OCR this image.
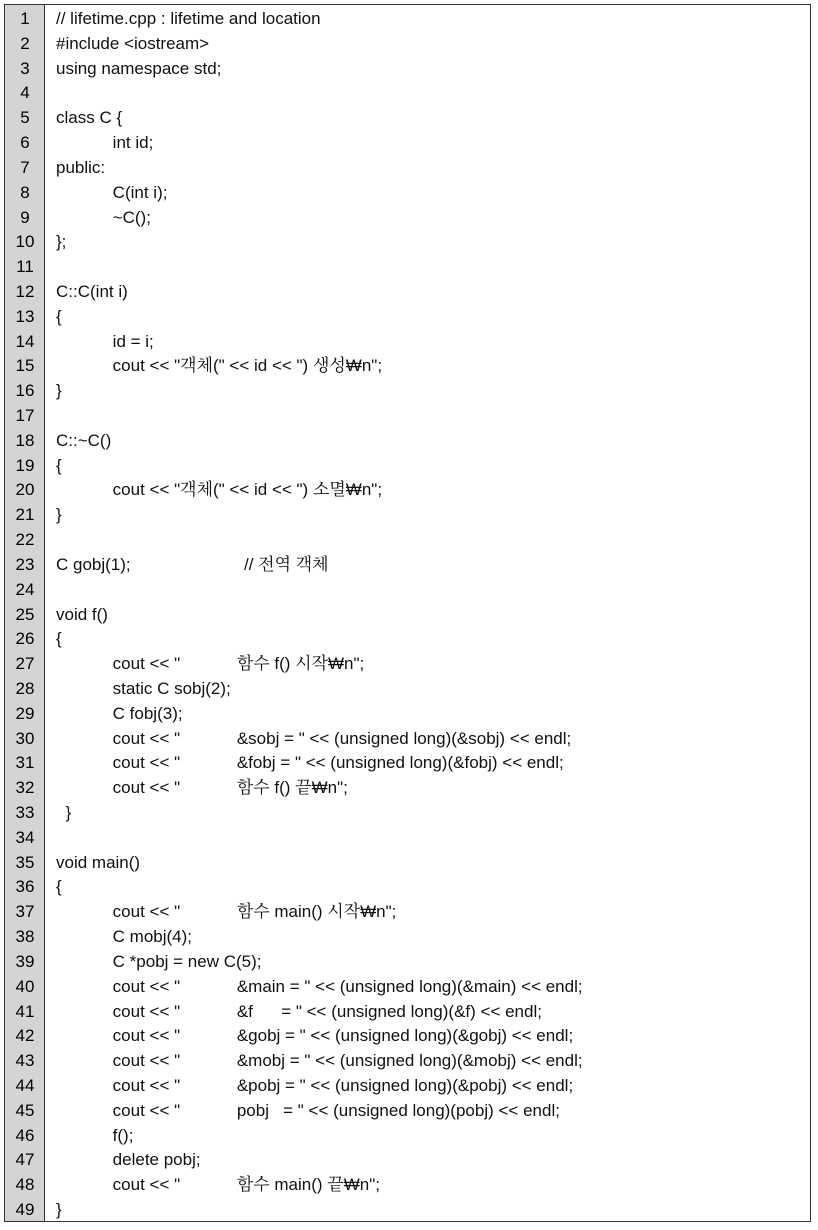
1	// lifetime.cpp : lifetime and location
2	#include <iostream>
3	using namespace std;
4
5	class C {
6	int id;
7	public:
8	C(int i);
9	~C();
10	};
11
12	C::C(int i)
13	{
14	id = i;
15	cout << "객체(" << id << ") 생성₩n";
16	}
17
18	C::~C()
19	{
20	cout << "객체(" << id << ") 소멸₩n";
21	}
22
23	C gobj(1);                        // 전역 객체
24
25	void f()
26	{
27	cout << "            함수 f() 시작₩n";
28	static C sobj(2);
29	C fobj(3);
30	cout << "            &sobj = " << (unsigned long)(&sobj) << endl;
31	cout << "            &fobj = " << (unsigned long)(&fobj) << endl;
32	cout << "            함수 f() 끝₩n";
33	}
34
35	void main()
36	{
37	cout << "            함수 main() 시작₩n";
38	C mobj(4);
39	C *pobj = new C(5);
40	cout << "            &main = " << (unsigned long)(&main) << endl;
41	cout << "            &f      = " << (unsigned long)(&f) << endl;
42	cout << "            &gobj = " << (unsigned long)(&gobj) << endl;
43	cout << "            &mobj = " << (unsigned long)(&mobj) << endl;
44	cout << "            &pobj = " << (unsigned long)(&pobj) << endl;
45	cout << "            pobj   = " << (unsigned long)(pobj) << endl;
46	f();
47	delete pobj;
48	cout << "            함수 main() 끝₩n";
49	}
